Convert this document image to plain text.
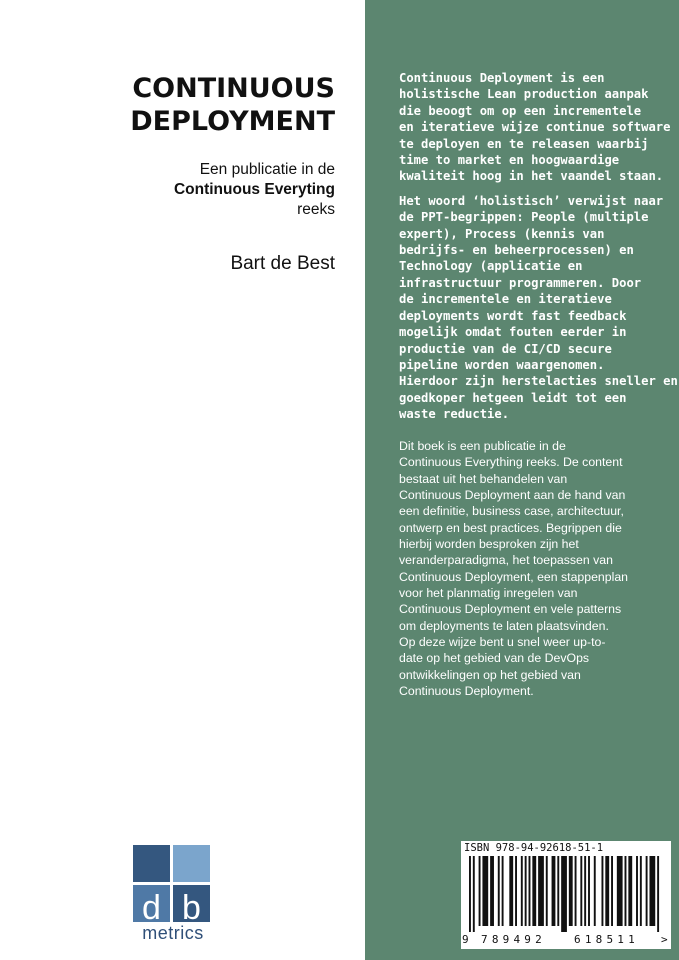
CONTINUOUS
DEPLOYMENT
Een publicatie in de
Continuous Everyting
reeks
Bart de Best
d b
metrics
Continuous Deployment is een
holistische Lean production aanpak
die beoogt om op een incrementele
en iteratieve wijze continue software
te deployen en te releasen waarbij
time to market en hoogwaardige
kwaliteit hoog in het vaandel staan.
Het woord ‘holistisch’ verwijst naar
de PPT-begrippen: People (multiple
expert), Process (kennis van
bedrijfs- en beheerprocessen) en
Technology (applicatie en
infrastructuur programmeren. Door
de incrementele en iteratieve
deployments wordt fast feedback
mogelijk omdat fouten eerder in
productie van de CI/CD secure
pipeline worden waargenomen.
Hierdoor zijn herstelacties sneller en
goedkoper hetgeen leidt tot een
waste reductie.
Dit boek is een publicatie in de
Continuous Everything reeks. De content
bestaat uit het behandelen van
Continuous Deployment aan de hand van
een definitie, business case, architectuur,
ontwerp en best practices. Begrippen die
hierbij worden besproken zijn het
veranderparadigma, het toepassen van
Continuous Deployment, een stappenplan
voor het planmatig inregelen van
Continuous Deployment en vele patterns
om deployments te laten plaatsvinden.
Op deze wijze bent u snel weer up-to-
date op het gebied van de DevOps
ontwikkelingen op het gebied van
Continuous Deployment.
ISBN 978-94-92618-51-1
9 789492	618511 >
